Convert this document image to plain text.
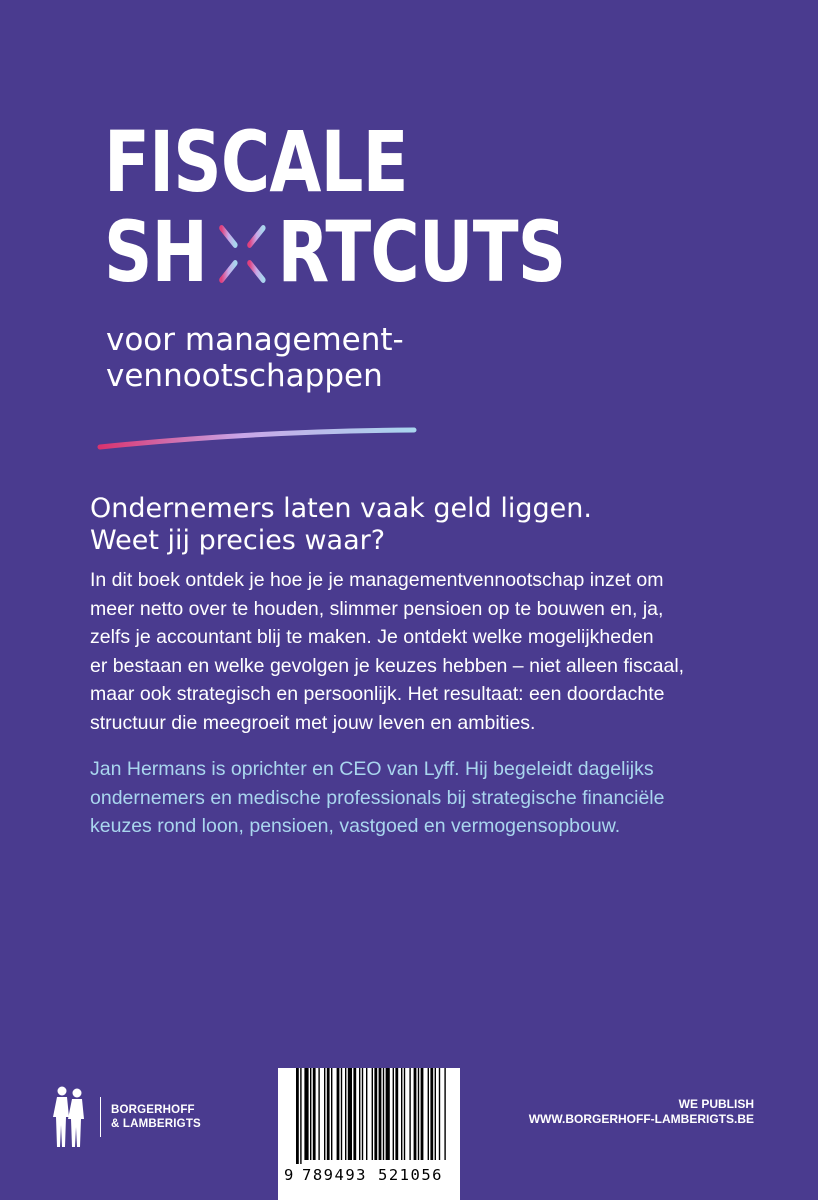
FISCALE
SH RTCUTS
voor management-
vennootschappen
Ondernemers laten vaak geld liggen.
Weet jij precies waar?
In dit boek ontdek je hoe je je managementvennootschap inzet om
meer netto over te houden, slimmer pensioen op te bouwen en, ja,
zelfs je accountant blij te maken. Je ontdekt welke mogelijkheden
er bestaan en welke gevolgen je keuzes hebben – niet alleen fiscaal,
maar ook strategisch en persoonlijk. Het resultaat: een doordachte
structuur die meegroeit met jouw leven en ambities.
Jan Hermans is oprichter en CEO van Lyff. Hij begeleidt dagelijks
ondernemers en medische professionals bij strategische financiële
keuzes rond loon, pensioen, vastgoed en vermogensopbouw.
BORGERHOFF
& LAMBERIGTS
9 789493 521056
WE PUBLISH
WWW.BORGERHOFF-LAMBERIGTS.BE
